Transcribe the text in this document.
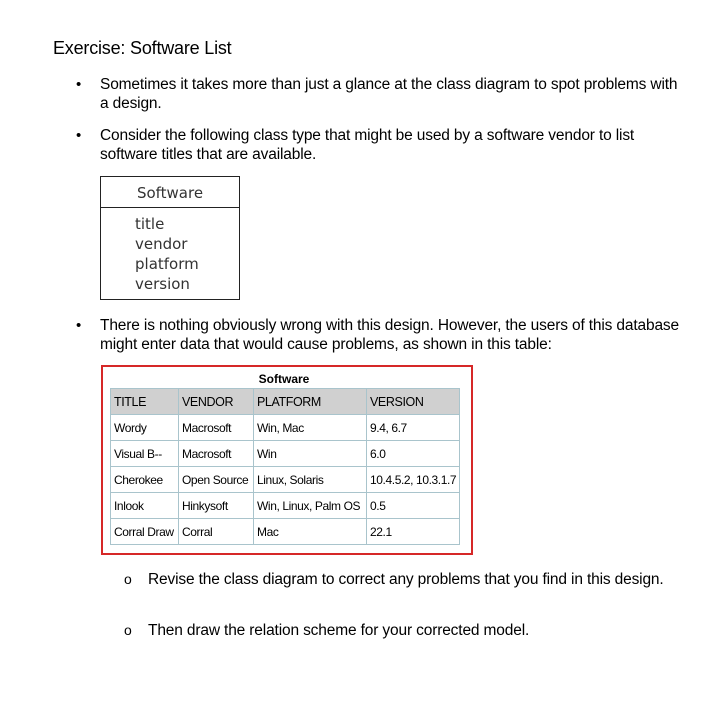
Exercise: Software List
• Sometimes it takes more than just a glance at the class diagram to spot problems with a design.
• Consider the following class type that might be used by a software vendor to list software titles that are available.
Software
title
vendor
platform
version
• There is nothing obviously wrong with this design. However, the users of this database might enter data that would cause problems, as shown in this table:
Software
TITLE	VENDOR	PLATFORM	VERSION
Wordy	Macrosoft	Win, Mac	9.4, 6.7
Visual B--	Macrosoft	Win	6.0
Cherokee	Open Source	Linux, Solaris	10.4.5.2, 10.3.1.7
Inlook	Hinkysoft	Win, Linux, Palm OS	0.5
Corral Draw	Corral	Mac	22.1
o Revise the class diagram to correct any problems that you find in this design.
o Then draw the relation scheme for your corrected model.
